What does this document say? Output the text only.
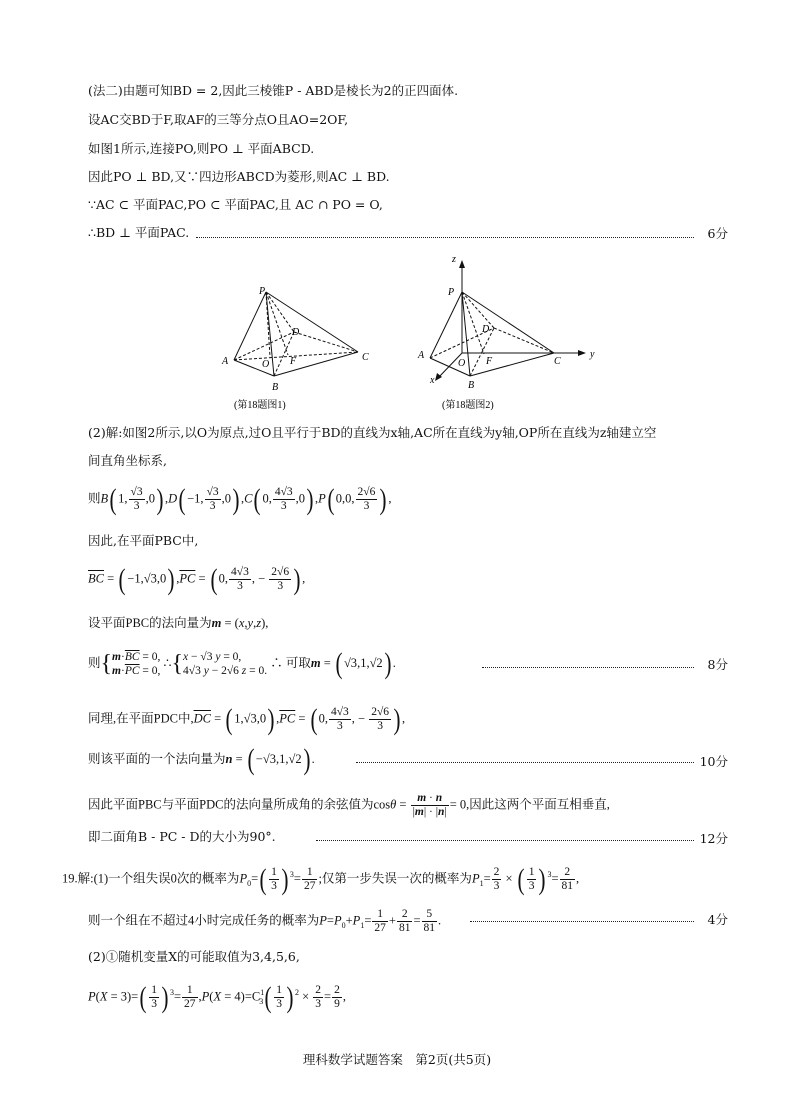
(法二)由题可知BD = 2,因此三棱锥P - ABD是棱长为2的正四面体.
设AC交BD于F,取AF的三等分点O且AO=2OF,
如图1所示,连接PO,则PO ⊥ 平面ABCD.
因此PO ⊥ BD,又∵四边形ABCD为菱形,则AC ⊥ BD.
∵AC ⊂ 平面PAC,PO ⊂ 平面PAC,且 AC ∩ PO = O,
∴BD ⊥ 平面PAC.	6分
P
A
B
C
D
O F
(第18题图1)
z
y
x
P
A
B
C
D
O F
(第18题图2)
(2)解:如图2所示,以O为原点,过O且平行于BD的直线为x轴,AC所在直线为y轴,OP所在直线为z轴建立空
间直角坐标系,
则B( 1, $\frac{√3}{3} ,0$) ,D( −1, $\frac{√3}{3} ,0$) ,C( 0, $\frac{4√3}{3} ,0$) ,P( 0,0, $\frac{2√6}{3}$ ) ,
因此,在平面PBC中,
$\overline{BC}$ = ( −1,√3,0) $,\overline{PC}$ = ( 0, $\frac{4√3}{3}$ , − $\frac{2√6}{3}$ ) ,
设平面PBC的法向量为m = (x,y,z),
则{$m\cdot\overline{BC} = 0$,
$m\cdot\overline{PC} = 0$, ∴{x − √3 y = 0,
4√3 y − 2√6 z = 0. ∴ 可取m = ( √3,1,√2) .	8分
同理,在平面PDC中$,\overline{DC}$ = ( 1,√3,0) $,\overline{PC}$ = ( 0, $\frac{4√3}{3}$ , − $\frac{2√6}{3}$ ) ,
则该平面的一个法向量为n = ( −√3,1,√2) .	10分
因此平面PBC与平面PDC的法向量所成角的余弦值为$\cos\theta = \frac{m \cdot n}{|m| \cdot |n|} = 0$,因此这两个平面互相垂直,
即二面角B - PC - D的大小为90°.	12分
19.解:(1)一个组失误0次的概率为$P_0=( \frac{1}{3}$ ) $^3= \frac{1}{27}$ ;仅第一步失误一次的概率为$P_1= \frac{2}{3}$ × ( $\frac{1}{3}$ ) $^3= \frac{2}{81}$ ,
则一个组在不超过4小时完成任务的概率为$P=P_0+P_1= \frac{1}{27} + \frac{2}{81} = \frac{5}{81}$ .	4分
(2)①随机变量X的可能取值为3,4,5,6,
$P(X = 3)=( \frac{1}{3}$ ) $^3= \frac{1}{27} ,P(X = 4)=C^1_3( \frac{1}{3}$ ) $^2 \times \frac{2}{3} = \frac{2}{9}$ ,
理科数学试题答案　第2页(共5页)
